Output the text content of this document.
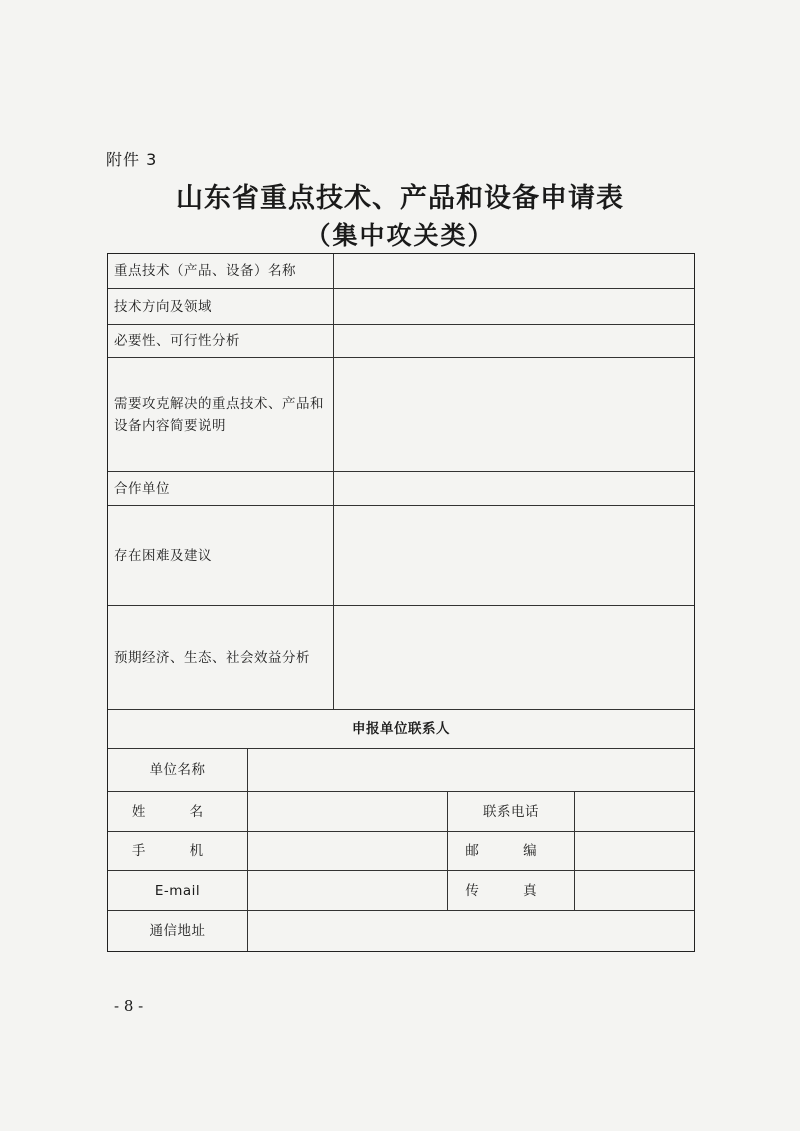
附件 3
山东省重点技术、产品和设备申请表
（集中攻关类）
重点技术（产品、设备）名称
技术方向及领域
必要性、可行性分析
需要攻克解决的重点技术、产品和设备内容简要说明
合作单位
存在困难及建议
预期经济、生态、社会效益分析
申报单位联系人
单位名称
姓 名	联系电话
手 机	邮 编
E-mail	传 真
通信地址
- 8 -
